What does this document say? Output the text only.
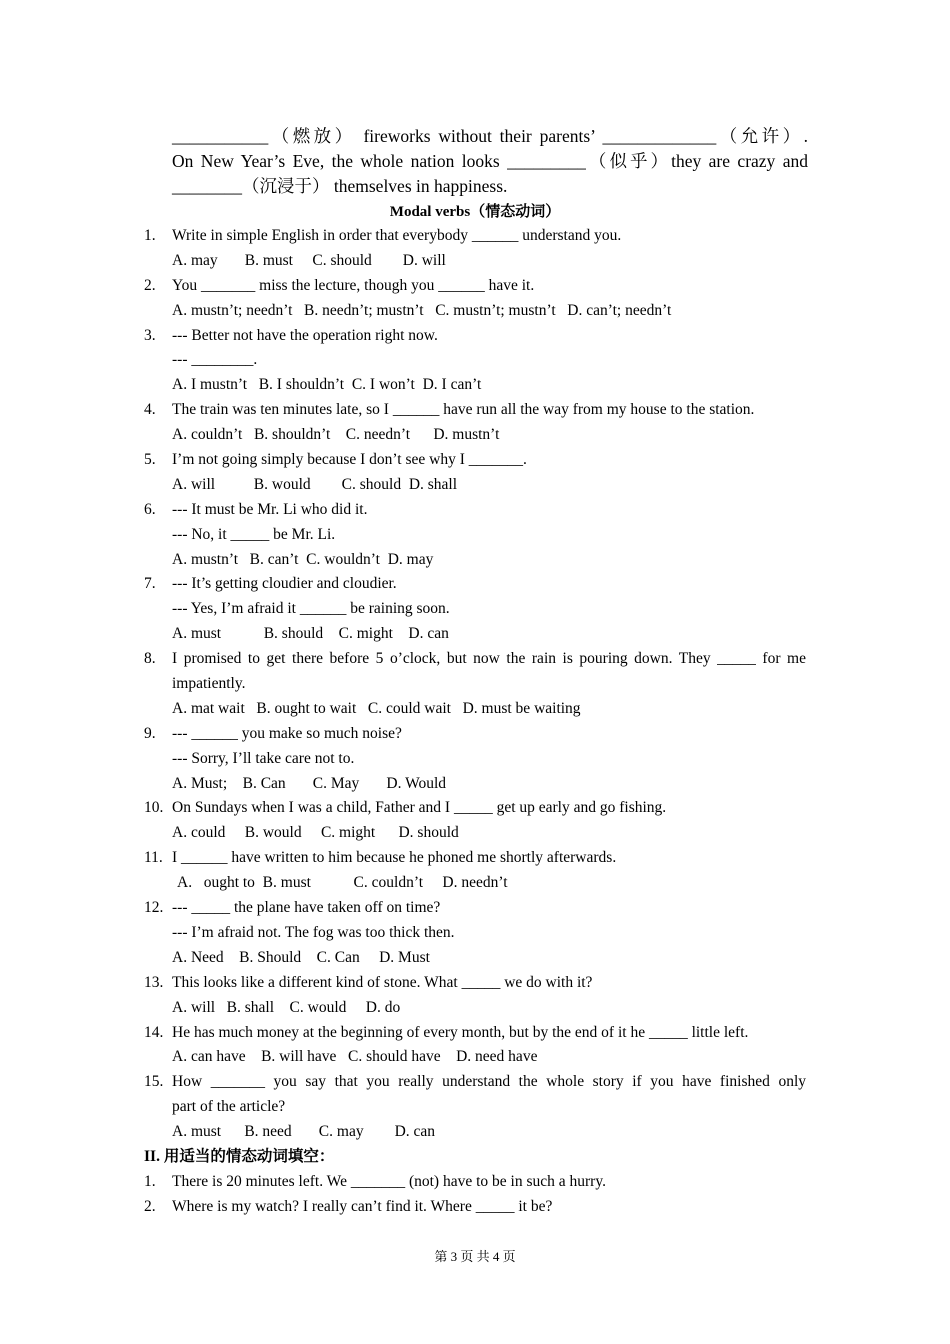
___________（燃放） fireworks without their parents’ _____________（允许）.
On New Year’s Eve, the whole nation looks _________（似乎）they are crazy and
________（沉浸于） themselves in happiness.
Modal verbs（情态动词）
1. Write in simple English in order that everybody ______ understand you.
A. may       B. must     C. should        D. will
2. You _______ miss the lecture, though you ______ have it.
A. mustn’t; needn’t   B. needn’t; mustn’t   C. mustn’t; mustn’t   D. can’t; needn’t
3. --- Better not have the operation right now.
--- ________.
A. I mustn’t   B. I shouldn’t  C. I won’t  D. I can’t
4. The train was ten minutes late, so I ______ have run all the way from my house to the station.
A. couldn’t   B. shouldn’t    C. needn’t      D. mustn’t
5. I’m not going simply because I don’t see why I _______.
A. will          B. would        C. should  D. shall
6. --- It must be Mr. Li who did it.
--- No, it _____ be Mr. Li.
A. mustn’t   B. can’t  C. wouldn’t  D. may
7. --- It’s getting cloudier and cloudier.
--- Yes, I’m afraid it ______ be raining soon.
A. must           B. should    C. might    D. can
8. I promised to get there before 5 o’clock, but now the rain is pouring down. They _____ for me
impatiently.
A. mat wait   B. ought to wait   C. could wait   D. must be waiting
9. --- ______ you make so much noise?
--- Sorry, I’ll take care not to.
A. Must;    B. Can       C. May       D. Would
10. On Sundays when I was a child, Father and I _____ get up early and go fishing.
A. could     B. would     C. might      D. should
11. I ______ have written to him because he phoned me shortly afterwards.
A.   ought to  B. must           C. couldn’t     D. needn’t
12. --- _____ the plane have taken off on time?
--- I’m afraid not. The fog was too thick then.
A. Need    B. Should    C. Can     D. Must
13. This looks like a different kind of stone. What _____ we do with it?
A. will   B. shall    C. would     D. do
14. He has much money at the beginning of every month, but by the end of it he _____ little left.
A. can have    B. will have   C. should have    D. need have
15. How _______ you say that you really understand the whole story if you have finished only
part of the article?
A. must      B. need       C. may        D. can
II. 用适当的情态动词填空：
1. There is 20 minutes left. We _______ (not) have to be in such a hurry.
2. Where is my watch? I really can’t find it. Where _____ it be?
第 3 页 共 4 页
